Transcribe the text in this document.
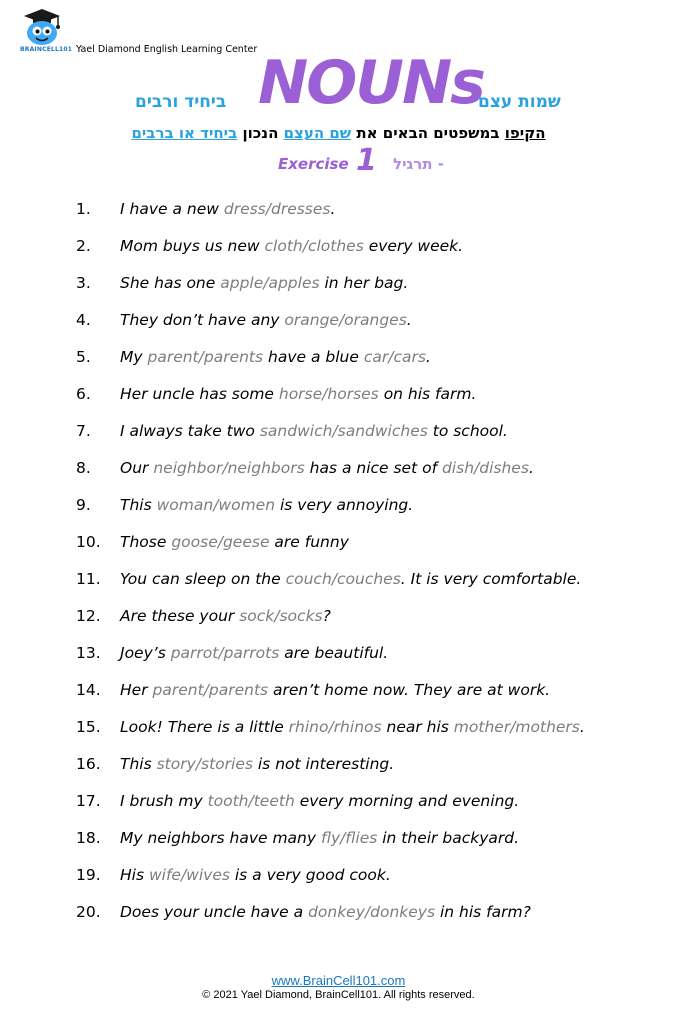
BRAINCELL101 Yael Diamond English Learning Center
ביחיד ורבים NOUNs
שמות עצם
הקיפו במשפטים הבאים את שם העצם הנכון ביחיד או ברבים
Exercise 1 - תרגיל
1. I have a new dress/dresses.
2. Mom buys us new cloth/clothes every week.
3. She has one apple/apples in her bag.
4. They don’t have any orange/oranges.
5. My parent/parents have a blue car/cars.
6. Her uncle has some horse/horses on his farm.
7. I always take two sandwich/sandwiches to school.
8. Our neighbor/neighbors has a nice set of dish/dishes.
9. This woman/women is very annoying.
10. Those goose/geese are funny
11. You can sleep on the couch/couches. It is very comfortable.
12. Are these your sock/socks?
13. Joey’s parrot/parrots are beautiful.
14. Her parent/parents aren’t home now. They are at work.
15. Look! There is a little rhino/rhinos near his mother/mothers.
16. This story/stories is not interesting.
17. I brush my tooth/teeth every morning and evening.
18. My neighbors have many fly/flies in their backyard.
19. His wife/wives is a very good cook.
20. Does your uncle have a donkey/donkeys in his farm?
www.BrainCell101.com
© 2021 Yael Diamond, BrainCell101. All rights reserved.
